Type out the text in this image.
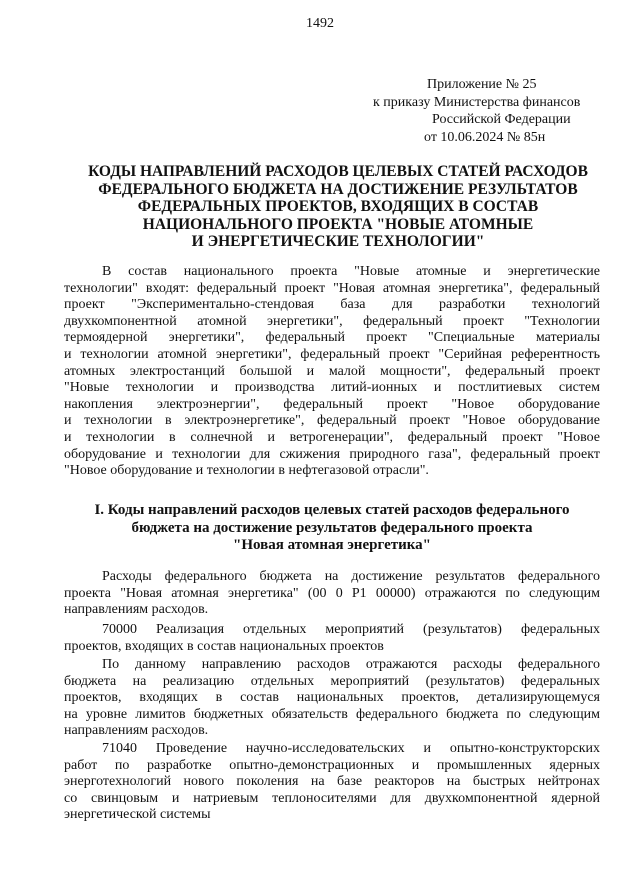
1492
Приложение № 25
к приказу Министерства финансов
Российской Федерации
от 10.06.2024 № 85н
КОДЫ НАПРАВЛЕНИЙ РАСХОДОВ ЦЕЛЕВЫХ СТАТЕЙ РАСХОДОВ
ФЕДЕРАЛЬНОГО БЮДЖЕТА НА ДОСТИЖЕНИЕ РЕЗУЛЬТАТОВ
ФЕДЕРАЛЬНЫХ ПРОЕКТОВ, ВХОДЯЩИХ В СОСТАВ
НАЦИОНАЛЬНОГО ПРОЕКТА "НОВЫЕ АТОМНЫЕ
И ЭНЕРГЕТИЧЕСКИЕ ТЕХНОЛОГИИ"
В состав национального проекта "Новые атомные и энергетические
технологии" входят: федеральный проект "Новая атомная энергетика", федеральный
проект "Экспериментально-стендовая база для разработки технологий
двухкомпонентной атомной энергетики", федеральный проект "Технологии
термоядерной энергетики", федеральный проект "Специальные материалы
и технологии атомной энергетики", федеральный проект "Серийная референтность
атомных электростанций большой и малой мощности", федеральный проект
"Новые технологии и производства литий-ионных и постлитиевых систем
накопления электроэнергии", федеральный проект "Новое оборудование
и технологии в электроэнергетике", федеральный проект "Новое оборудование
и технологии в солнечной и ветрогенерации", федеральный проект "Новое
оборудование и технологии для сжижения природного газа", федеральный проект
"Новое оборудование и технологии в нефтегазовой отрасли".
I. Коды направлений расходов целевых статей расходов федерального
бюджета на достижение результатов федерального проекта
"Новая атомная энергетика"
Расходы федерального бюджета на достижение результатов федерального
проекта "Новая атомная энергетика" (00 0 Р1 00000) отражаются по следующим
направлениям расходов.
70000 Реализация отдельных мероприятий (результатов) федеральных
проектов, входящих в состав национальных проектов
По данному направлению расходов отражаются расходы федерального
бюджета на реализацию отдельных мероприятий (результатов) федеральных
проектов, входящих в состав национальных проектов, детализирующемуся
на уровне лимитов бюджетных обязательств федерального бюджета по следующим
направлениям расходов.
71040 Проведение научно-исследовательских и опытно-конструкторских
работ по разработке опытно-демонстрационных и промышленных ядерных
энерготехнологий нового поколения на базе реакторов на быстрых нейтронах
со свинцовым и натриевым теплоносителями для двухкомпонентной ядерной
энергетической системы
